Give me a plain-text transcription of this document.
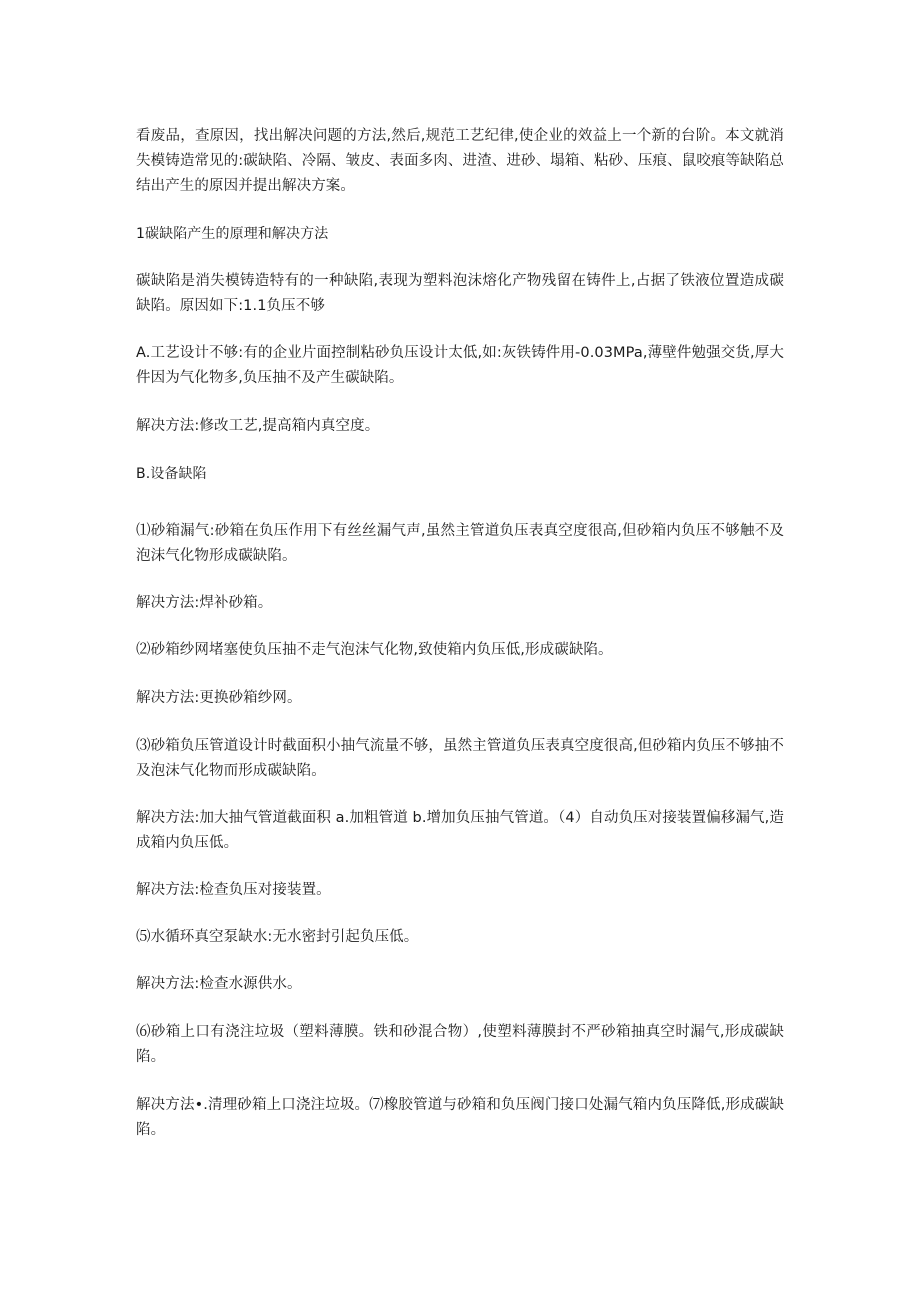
看废品，查原因，找出解决问题的方法,然后,规范工艺纪律,使企业的效益上一个新的台阶。本文就消失模铸造常见的:碳缺陷、冷隔、皱皮、表面多肉、进渣、进砂、塌箱、粘砂、压痕、鼠咬痕等缺陷总结出产生的原因并提出解决方案。

1碳缺陷产生的原理和解决方法

碳缺陷是消失模铸造特有的一种缺陷,表现为塑料泡沫熔化产物残留在铸件上,占据了铁液位置造成碳缺陷。原因如下:1.1负压不够

A.工艺设计不够:有的企业片面控制粘砂负压设计太低,如:灰铁铸件用-0.03MPa,薄壁件勉强交货,厚大件因为气化物多,负压抽不及产生碳缺陷。

解决方法:修改工艺,提高箱内真空度。

B.设备缺陷

⑴砂箱漏气:砂箱在负压作用下有丝丝漏气声,虽然主管道负压表真空度很高,但砂箱内负压不够触不及泡沫气化物形成碳缺陷。

解决方法:焊补砂箱。

⑵砂箱纱网堵塞使负压抽不走气泡沫气化物,致使箱内负压低,形成碳缺陷。

解决方法:更换砂箱纱网。

⑶砂箱负压管道设计时截面积小抽气流量不够，虽然主管道负压表真空度很高,但砂箱内负压不够抽不及泡沫气化物而形成碳缺陷。

解决方法:加大抽气管道截面积 a.加粗管道 b.增加负压抽气管道。（4）自动负压对接装置偏移漏气,造成箱内负压低。

解决方法:检查负压对接装置。

⑸水循环真空泵缺水:无水密封引起负压低。

解决方法:检查水源供水。

⑹砂箱上口有浇注垃圾（塑料薄膜。铁和砂混合物）,使塑料薄膜封不严砂箱抽真空时漏气,形成碳缺陷。

解决方法•.清理砂箱上口浇注垃圾。⑺橡胶管道与砂箱和负压阀门接口处漏气箱内负压降低,形成碳缺陷。
